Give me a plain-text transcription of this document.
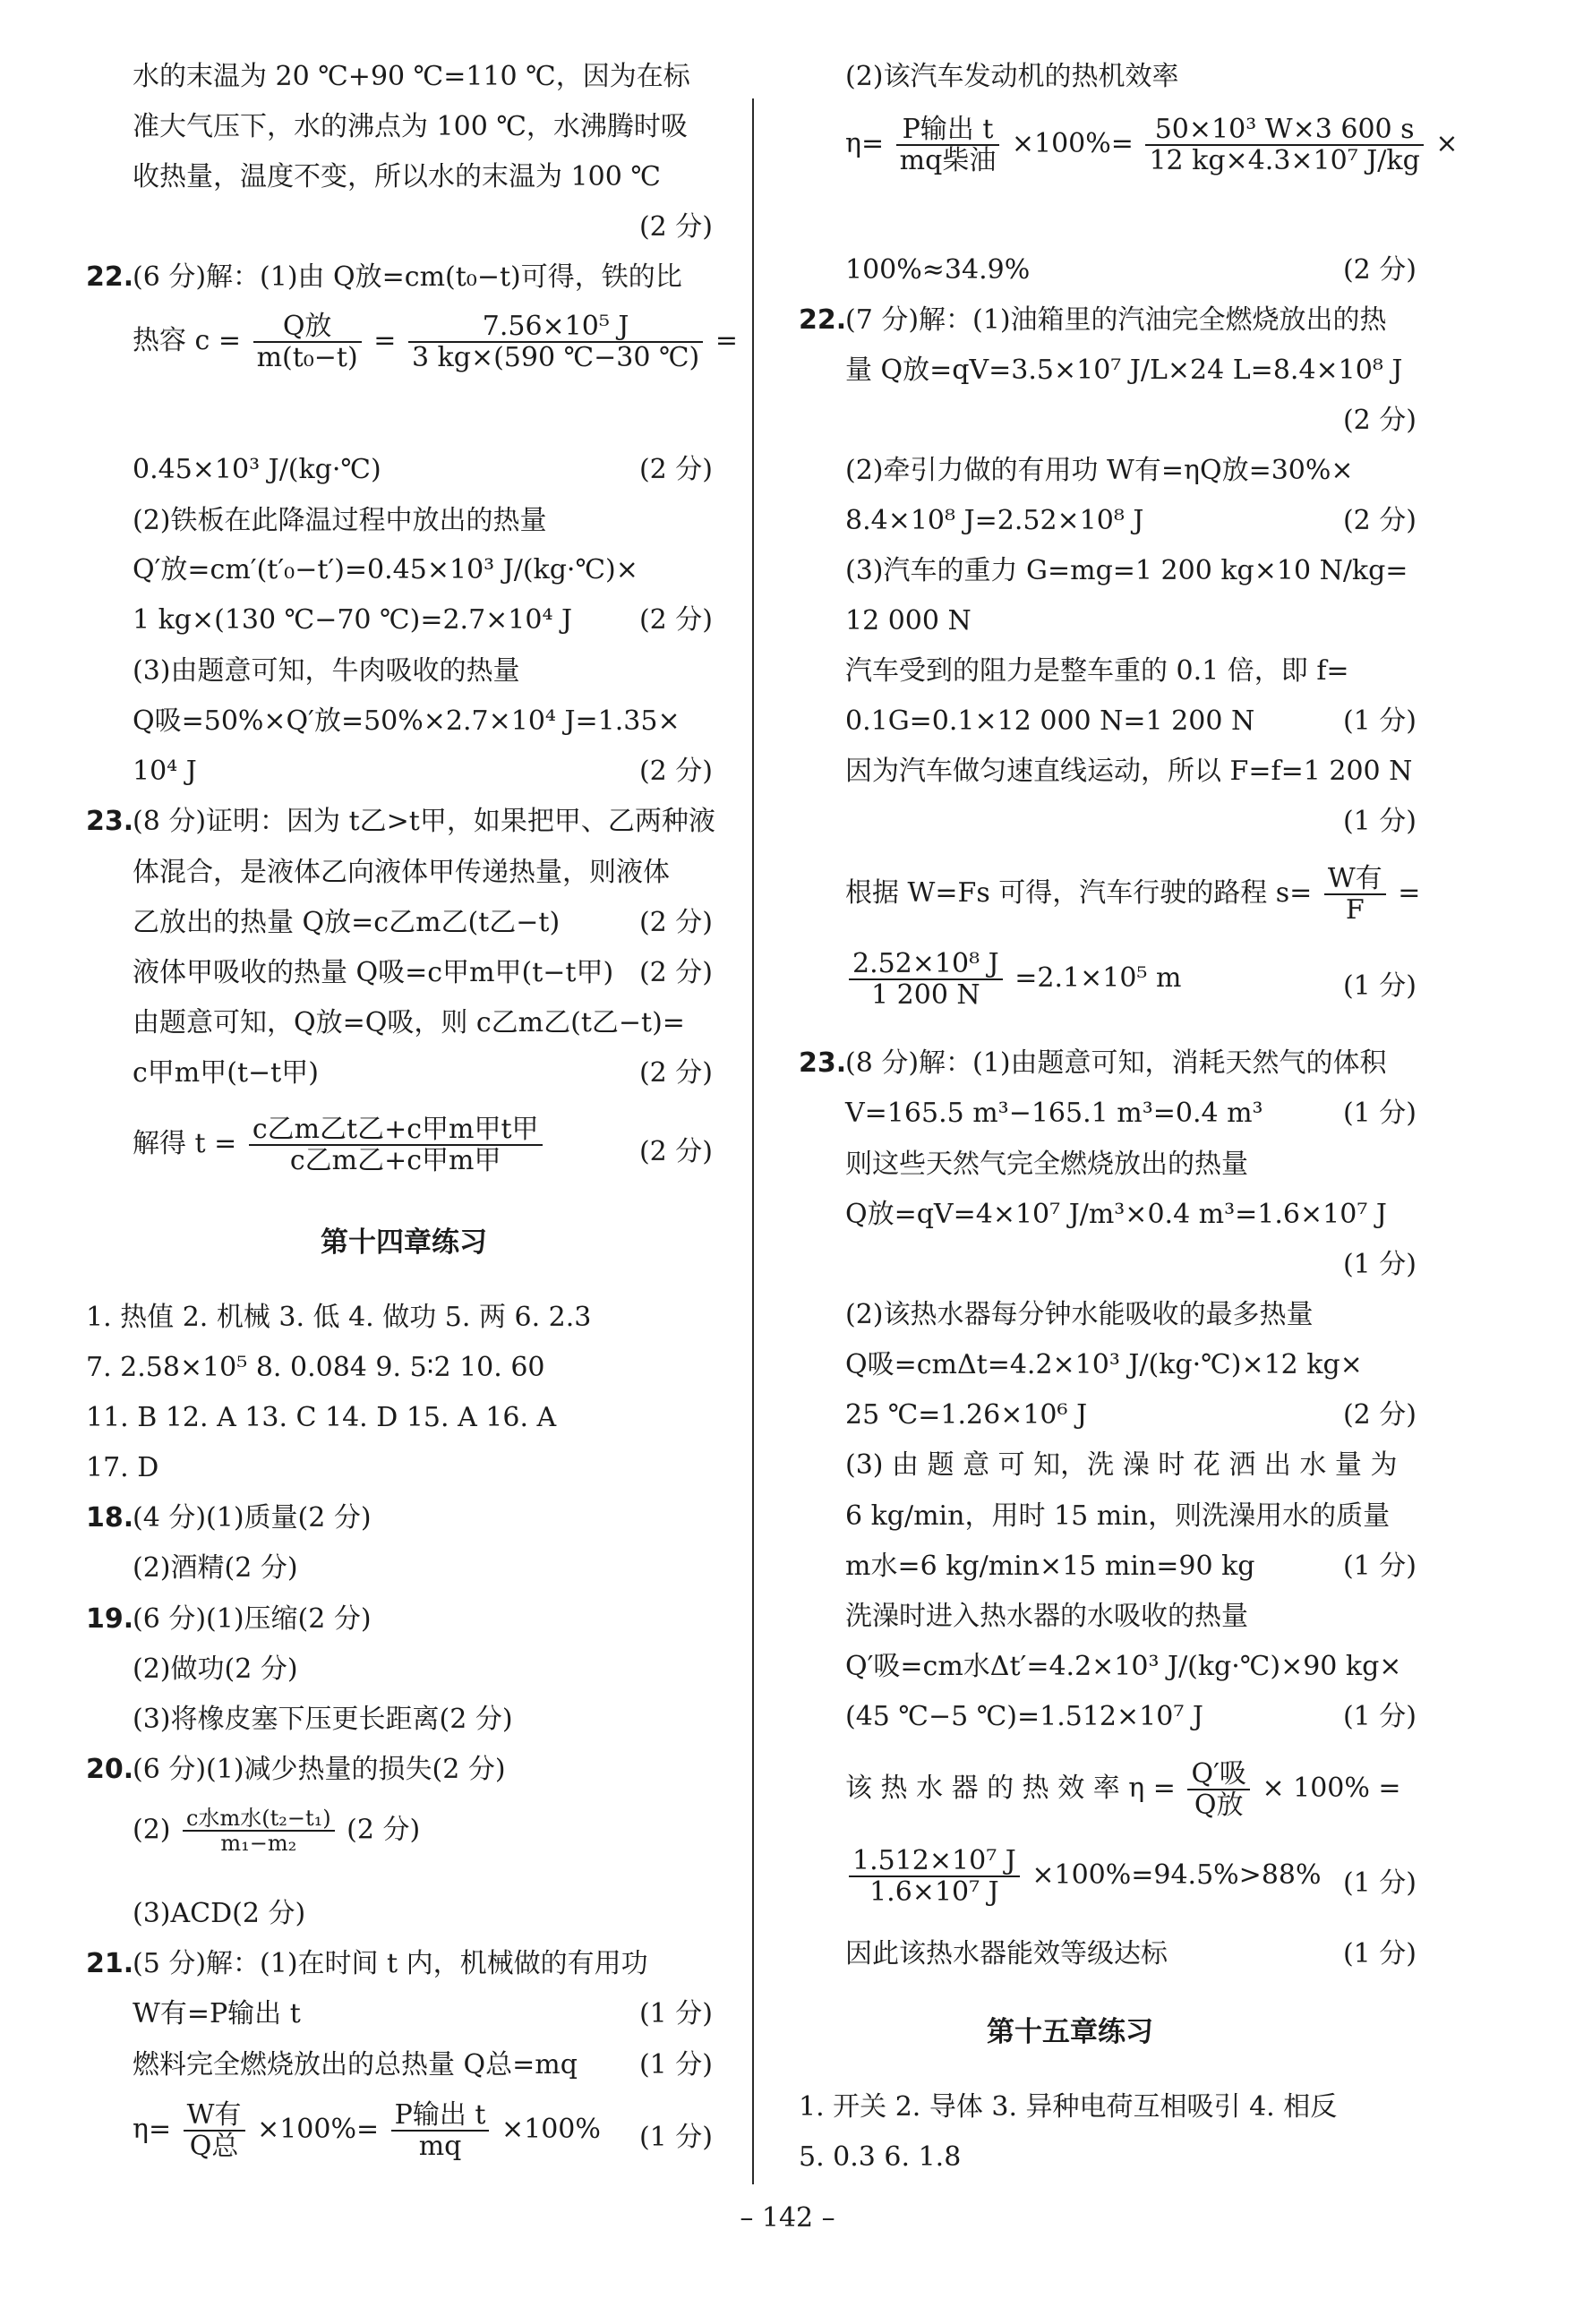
水的末温为 20 ℃+90 ℃=110 ℃，因为在标
准大气压下，水的沸点为 100 ℃，水沸腾时吸
收热量，温度不变，所以水的末温为 100 ℃
(2 分)
22.
(6 分)解：(1)由 Q放=cm(t₀−t)可得，铁的比
热容 $c = \frac{\text{Q放}}{\text{m(t₀−t)}} = \frac{\text{7.56×10⁵ J}}{3 kg\times(590 ℃-30 ℃)}$ =
0.45×10³ J/(kg·℃)	(2 分)
(2)铁板在此降温过程中放出的热量
Q′放=cm′(t′₀−t′)=0.45×10³ J/(kg·℃)×
1 kg×(130 ℃−70 ℃)=2.7×10⁴ J (2 分)
(3)由题意可知，牛肉吸收的热量
Q吸=50%×Q′放=50%×2.7×10⁴ J=1.35×
10⁴ J	(2 分)
23.
(8 分)证明：因为 t乙>t甲，如果把甲、乙两种液
体混合，是液体乙向液体甲传递热量，则液体
乙放出的热量 Q放=c乙m乙(t乙−t)	(2 分)
液体甲吸收的热量 Q吸=c甲m甲(t−t甲) (2 分)
由题意可知，Q放=Q吸，则 c乙m乙(t乙−t)=
c甲m甲(t−t甲)	(2 分)
解得 $t = \frac{\text{c乙m乙t乙+c甲m甲t甲}}{\text{c乙m乙+c甲m甲}}$	(2 分)
第十四章练习
1. 热值 2. 机械 3. 低 4. 做功 5. 两 6. 2.3
7. 2.58×10⁵ 8. 0.084 9. 5∶2 10. 60
11. B 12. A 13. C 14. D 15. A 16. A
17. D
18.
(4 分)(1)质量(2 分)
(2)酒精(2 分)
19.
(6 分)(1)压缩(2 分)
(2)做功(2 分)
(3)将橡皮塞下压更长距离(2 分)
20.
(6 分)(1)减少热量的损失(2 分)
$(2) \frac{\text{c水m水(t₂−t₁)}}{\text{m₁−m₂}} (2$ 分)
(3)ACD(2 分)
21.
(5 分)解：(1)在时间 t 内，机械做的有用功
W有=P输出 t	(1 分)
燃料完全燃烧放出的总热量 Q总=mq (1 分)
$\eta= \frac{\text{W有}}{\text{Q总}} \times 100\%= \frac{\text{P输出 t}}{mq} \times 100\%$ (1 分)
(2)该汽车发动机的热机效率
$\eta= \frac{\text{P输出 t}}{\text{mq柴油}} \times 100\%= \frac{\text{50×10³ W×3 600 s}}{\text{12 kg×4.3×10⁷ J/kg}}$ ×
100%≈34.9%	(2 分)
22.
(7 分)解：(1)油箱里的汽油完全燃烧放出的热
量 Q放=qV=3.5×10⁷ J/L×24 L=8.4×10⁸ J
(2 分)
(2)牵引力做的有用功 W有=ηQ放=30%×
8.4×10⁸ J=2.52×10⁸ J	(2 分)
(3)汽车的重力 G=mg=1 200 kg×10 N/kg=
12 000 N
汽车受到的阻力是整车重的 0.1 倍，即 f=
0.1G=0.1×12 000 N=1 200 N	(1 分)
因为汽车做匀速直线运动，所以 F=f=1 200 N
(1 分)
根据 W=Fs 可得，汽车行驶的路程 $s= \frac{\text{W有}}{F}$ =
$\frac{\text{2.52×10⁸ J}}{1 200 N} =2.1\times 10^5$ m	(1 分)
23.
(8 分)解：(1)由题意可知，消耗天然气的体积
V=165.5 m³−165.1 m³=0.4 m³	(1 分)
则这些天然气完全燃烧放出的热量
Q放=qV=4×10⁷ J/m³×0.4 m³=1.6×10⁷ J
(1 分)
(2)该热水器每分钟水能吸收的最多热量
Q吸=cmΔt=4.2×10³ J/(kg·℃)×12 kg×
25 ℃=1.26×10⁶ J	(2 分)
(3) 由 题 意 可 知，洗 澡 时 花 洒 出 水 量 为
6 kg/min，用时 15 min，则洗澡用水的质量
m水=6 kg/min×15 min=90 kg	(1 分)
洗澡时进入热水器的水吸收的热量
Q′吸=cm水Δt′=4.2×10³ J/(kg·℃)×90 kg×
(45 ℃−5 ℃)=1.512×10⁷ J	(1 分)
该 热 水 器 的 热 效 率 $\eta = \frac{\text{Q′吸}}{\text{Q放}} \times 100\%$ =
$\frac{\text{1.512×10⁷ J}}{\text{1.6×10⁷ J}} \times 100\%=94.5\%>88\%$ (1 分)
因此该热水器能效等级达标	(1 分)
第十五章练习
1. 开关 2. 导体 3. 异种电荷互相吸引 4. 相反
5. 0.3 6. 1.8
– 142 –
